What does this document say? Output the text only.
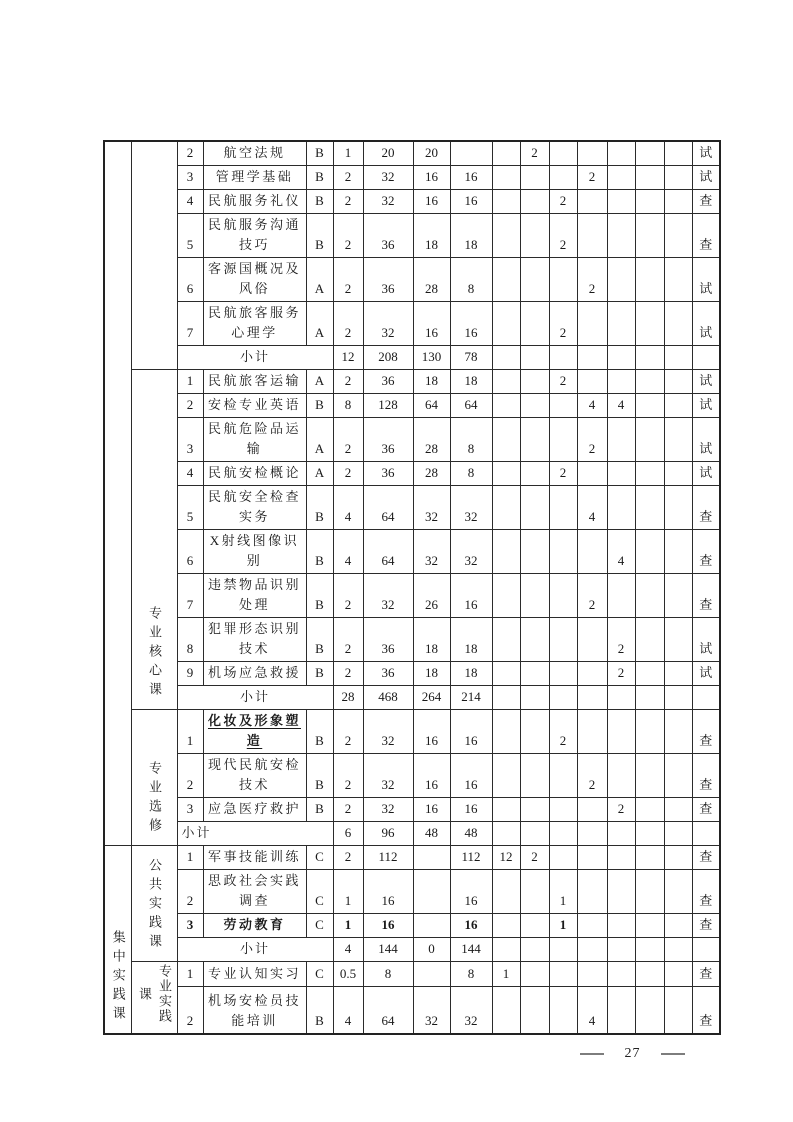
		2	航空法规	B	1	20	20			2						试
		3	管理学基础	B	2	32	16	16				2				试
		4	民航服务礼仪	B	2	32	16	16			2					查
		5	民航服务沟通技巧	B	2	36	18	18			2					查
		6	客源国概况及风俗	A	2	36	28	8				2				试
		7	民航旅客服务心理学	A	2	32	16	16			2					试
		小计			12	208	130	78								
	专业核心课	1	民航旅客运输	A	2	36	18	18			2					试
		2	安检专业英语	B	8	128	64	64				4	4			试
		3	民航危险品运输	A	2	36	28	8				2				试
		4	民航安检概论	A	2	36	28	8			2					试
		5	民航安全检查实务	B	4	64	32	32				4				查
		6	X射线图像识别	B	4	64	32	32					4			查
		7	违禁物品识别处理	B	2	32	26	16				2				查
		8	犯罪形态识别技术	B	2	36	18	18					2			试
		9	机场应急救援	B	2	36	18	18					2			试
		小计			28	468	264	214								
	专业选修	1	化妆及形象塑造	B	2	32	16	16			2					查
		2	现代民航安检技术	B	2	32	16	16				2				查
		3	应急医疗救护	B	2	32	16	16					2			查
		小计			6	96	48	48								
集中实践课	公共实践课	1	军事技能训练	C	2	112		112	12	2						查
		2	思政社会实践调查	C	1	16		16			1					查
		3	劳动教育	C	1	16		16			1					查
		小计			4	144	0	144								
	专业实践课	1	专业认知实习	C	0.5	8		8	1							查
		2	机场安检员技能培训	B	4	64	32	32				4				查
27
